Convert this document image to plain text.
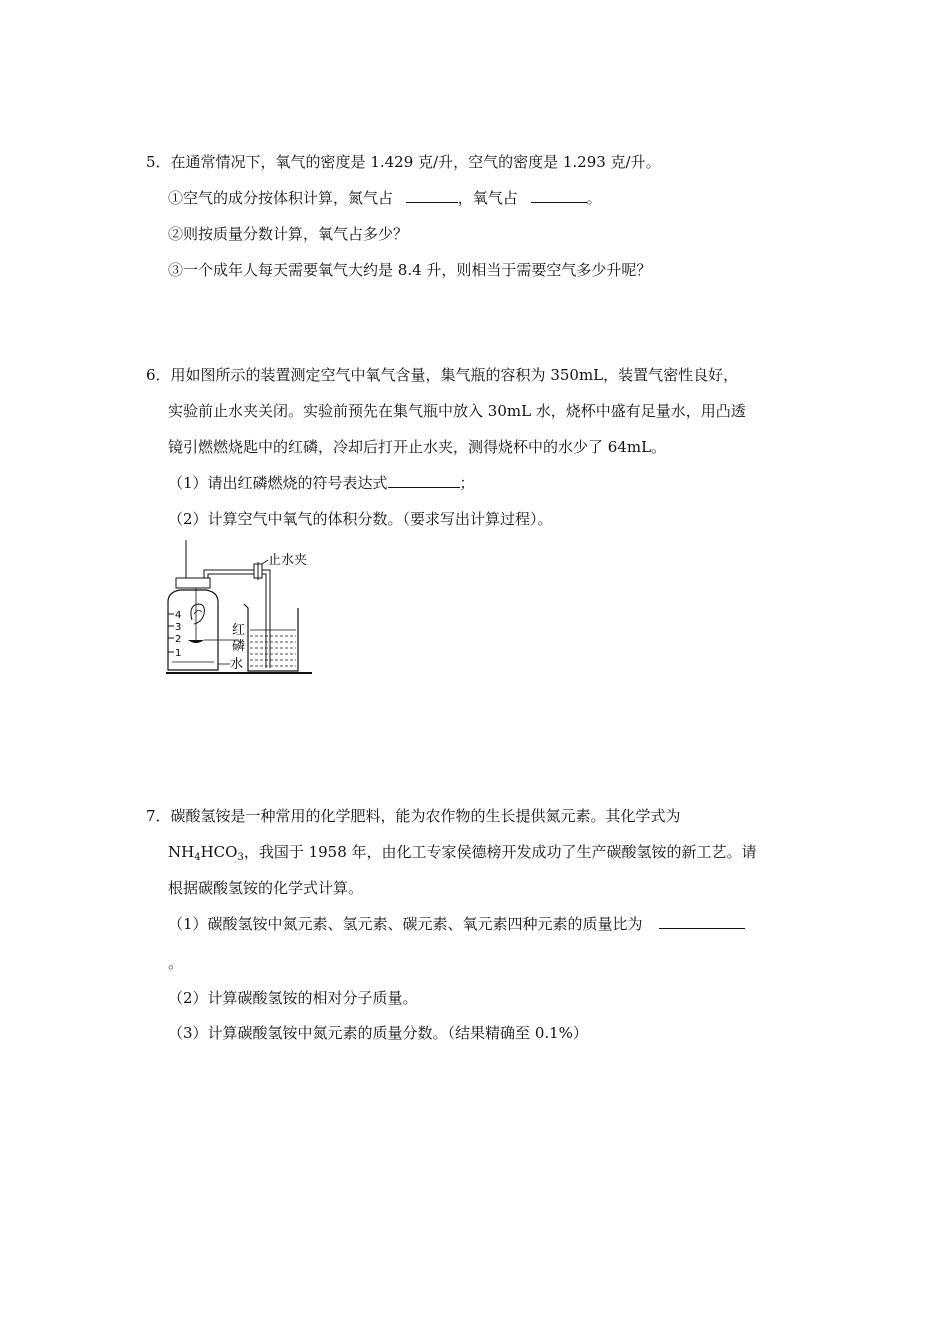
5．在通常情况下，氧气的密度是 1.429 克/升，空气的密度是 1.293 克/升。
①空气的成分按体积计算，氮气占	，氧气占	。
②则按质量分数计算，氧气占多少？
③一个成年人每天需要氧气大约是 8.4 升，则相当于需要空气多少升呢？
6．用如图所示的装置测定空气中氧气含量，集气瓶的容积为 350mL，装置气密性良好，
实验前止水夹关闭。实验前预先在集气瓶中放入 30mL 水，烧杯中盛有足量水，用凸透
镜引燃燃烧匙中的红磷，冷却后打开止水夹，测得烧杯中的水少了 64mL。
（1）请出红磷燃烧的符号表达式	；
（2）计算空气中氧气的体积分数。（要求写出计算过程）。
4
3
2
1
止水夹
红
磷
水
7．碳酸氢铵是一种常用的化学肥料，能为农作物的生长提供氮元素。其化学式为
$NH_4HCO_3$，我国于 1958 年，由化工专家侯德榜开发成功了生产碳酸氢铵的新工艺。请
根据碳酸氢铵的化学式计算。
（1）碳酸氢铵中氮元素、氢元素、碳元素、氧元素四种元素的质量比为
。
（2）计算碳酸氢铵的相对分子质量。
（3）计算碳酸氢铵中氮元素的质量分数。（结果精确至 0.1%）
